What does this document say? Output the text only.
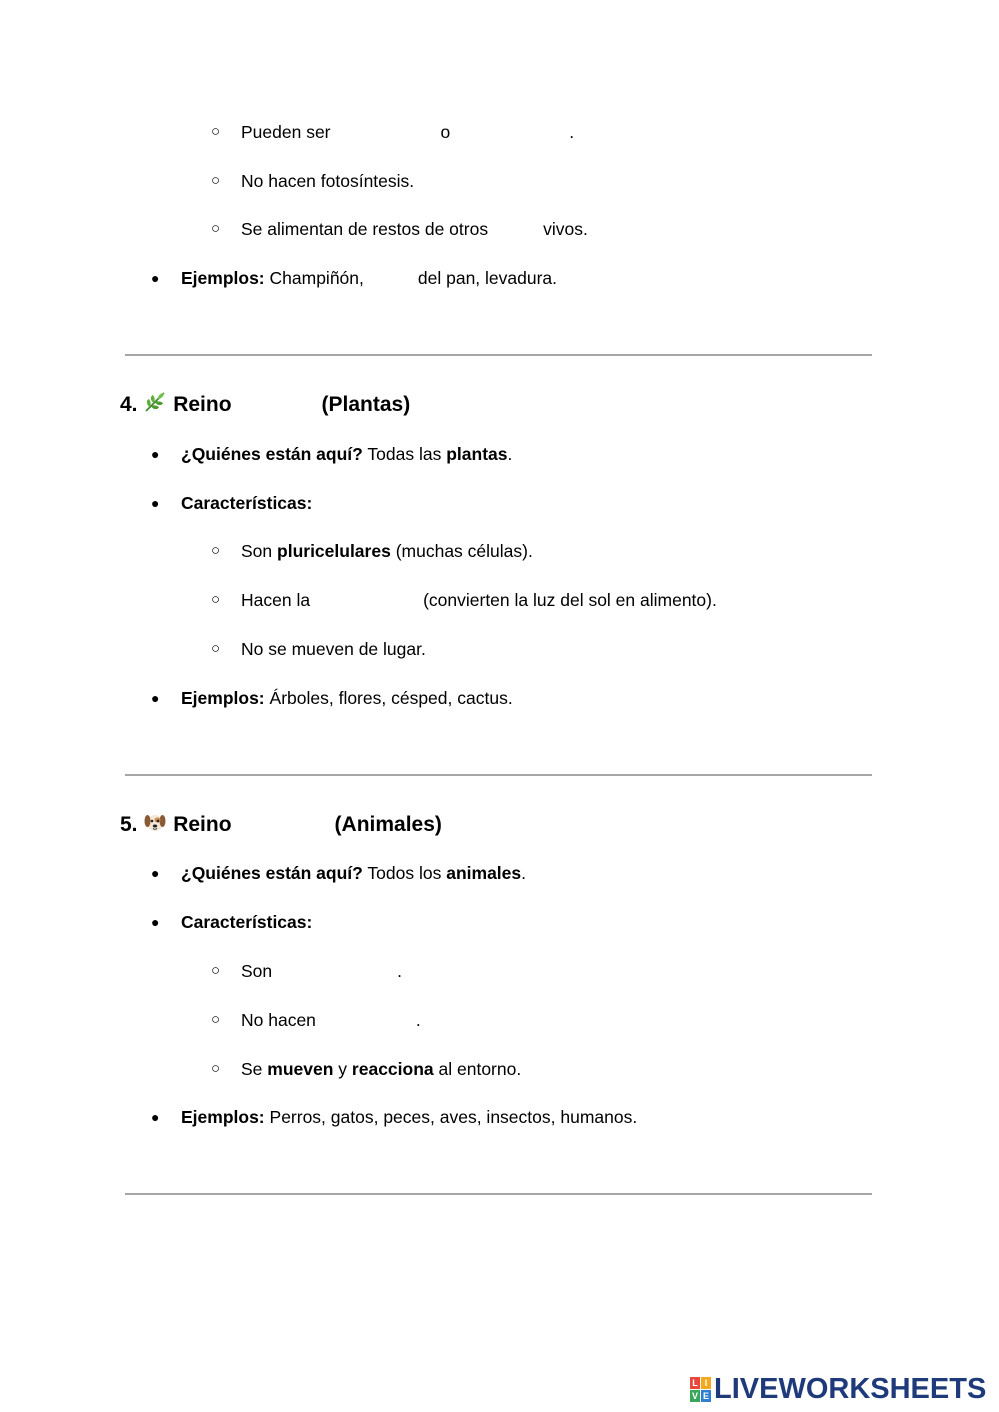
○ Pueden ser	o	.
○ No hacen fotosíntesis.
○ Se alimentan de restos de otros	vivos.
● Ejemplos: Champiñón,	del pan, levadura.
4. Reino	(Plantas)
● ¿Quiénes están aquí? Todas las plantas.
● Características:
○ Son pluricelulares (muchas células).
○ Hacen la	(convierten la luz del sol en alimento).
○ No se mueven de lugar.
● Ejemplos: Árboles, flores, césped, cactus.
5. Reino	(Animales)
● ¿Quiénes están aquí? Todos los animales.
● Características:
○ Son	.
○ No hacen	.
○ Se mueven y reacciona al entorno.
● Ejemplos: Perros, gatos, peces, aves, insectos, humanos.
L I
V E LIVEWORKSHEETS
